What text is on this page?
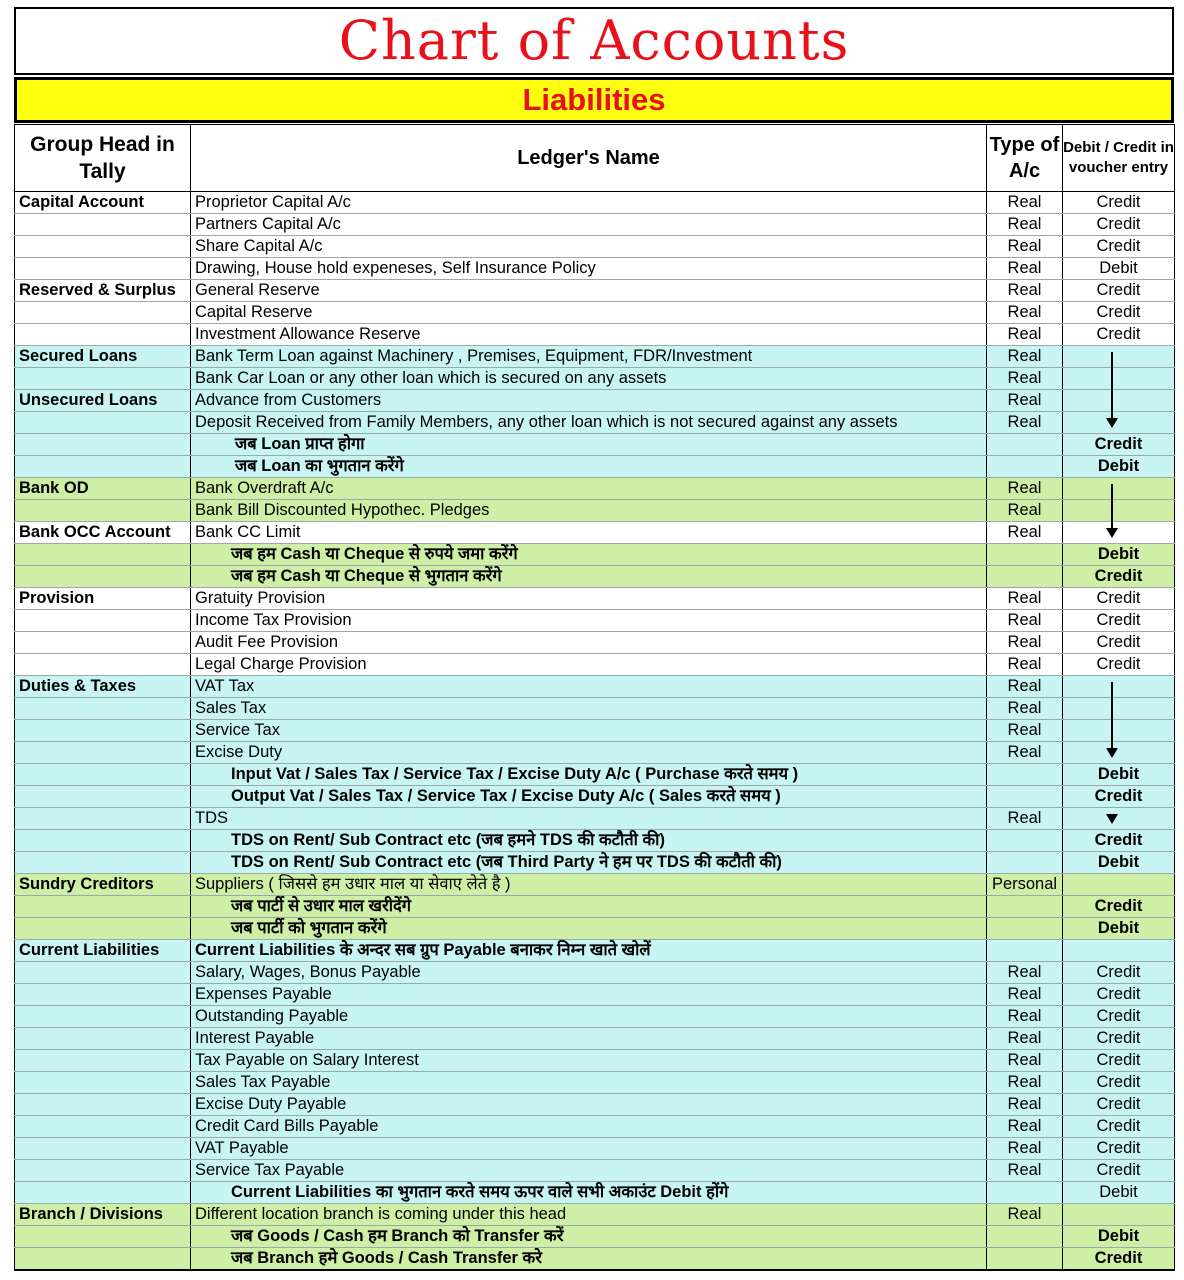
Chart of Accounts
Liabilities
Group Head in Tally	Ledger's Name	Type of A/c	Debit / Credit in voucher entry
Capital Account	Proprietor Capital A/c	Real	Credit
	Partners Capital A/c	Real	Credit
	Share Capital A/c	Real	Credit
	Drawing, House hold expeneses, Self Insurance Policy	Real	Debit
Reserved & Surplus	General Reserve	Real	Credit
	Capital Reserve	Real	Credit
	Investment Allowance Reserve	Real	Credit
Secured Loans	Bank Term Loan against Machinery , Premises, Equipment, FDR/Investment	Real	

	Bank Car Loan or any other loan which is secured on any assets	Real	
Unsecured Loans	Advance from Customers	Real	
	Deposit Received from Family Members, any other loan which is not secured against any assets	Real	
	जब Loan प्राप्त होगा		Credit
	जब Loan का भुगतान करेंगे		Debit
Bank OD	Bank Overdraft A/c	Real	

	Bank Bill Discounted Hypothec. Pledges	Real	
Bank OCC Account	Bank CC Limit	Real	
	जब हम Cash या Cheque से रुपये जमा करेंगे		Debit
	जब हम Cash या Cheque से भुगतान करेंगे		Credit
Provision	Gratuity Provision	Real	Credit
	Income Tax Provision	Real	Credit
	Audit Fee Provision	Real	Credit
	Legal Charge Provision	Real	Credit
Duties & Taxes	VAT Tax	Real	

	Sales Tax	Real	
	Service Tax	Real	
	Excise Duty	Real	
	Input Vat / Sales Tax / Service Tax / Excise Duty A/c ( Purchase करते समय )		Debit
	Output Vat / Sales Tax / Service Tax / Excise Duty A/c ( Sales करते समय )		Credit
	TDS	Real	

	TDS on Rent/ Sub Contract etc (जब हमने TDS की कटौती की)		Credit
	TDS on Rent/ Sub Contract etc (जब Third Party ने हम पर TDS की कटौती की)		Debit
Sundry Creditors	Suppliers ( जिससे हम उधार माल या सेवाए लेते है )	Personal	
	जब पार्टी से उधार माल खरीदेंगे		Credit
	जब पार्टी को भुगतान करेंगे		Debit
Current Liabilities	Current Liabilities के अन्दर सब ग्रुप Payable बनाकर निम्न खाते खोलें		
	Salary, Wages, Bonus Payable	Real	Credit
	Expenses Payable	Real	Credit
	Outstanding Payable	Real	Credit
	Interest Payable	Real	Credit
	Tax Payable on Salary Interest	Real	Credit
	Sales Tax Payable	Real	Credit
	Excise Duty Payable	Real	Credit
	Credit Card Bills Payable	Real	Credit
	VAT Payable	Real	Credit
	Service Tax Payable	Real	Credit
	Current Liabilities का भुगतान करते समय ऊपर वाले सभी अकाउंट Debit होंगे		Debit
Branch / Divisions	Different location branch is coming under this head	Real	
	जब Goods / Cash हम Branch को Transfer करें		Debit
	जब Branch हमे Goods / Cash Transfer करे		Credit
